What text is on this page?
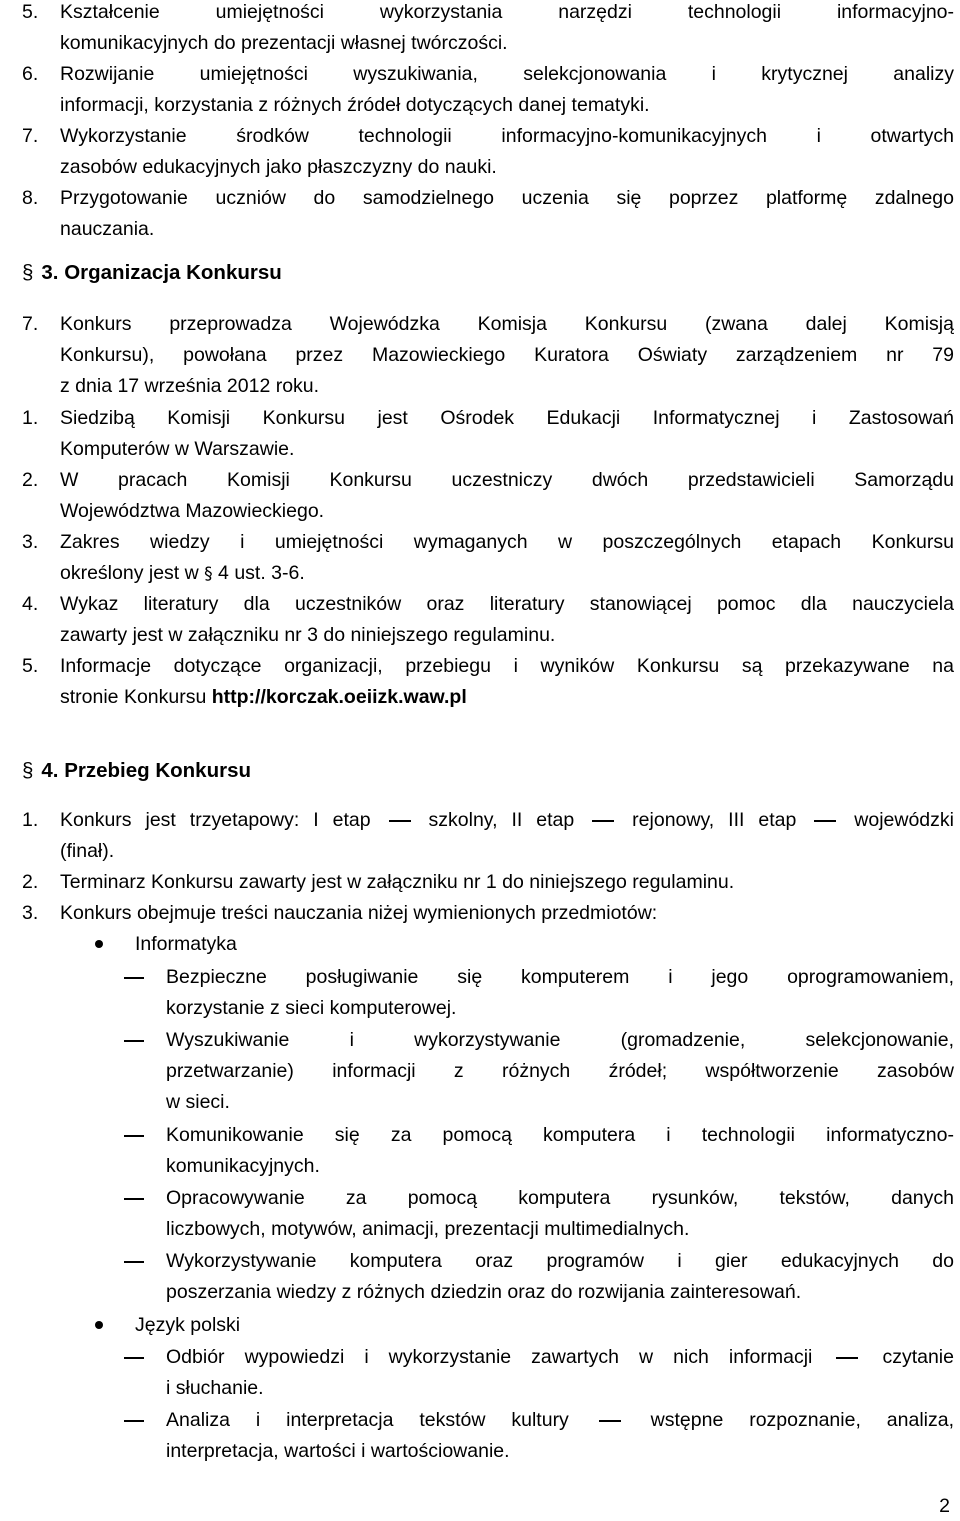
5. Kształcenie umiejętności wykorzystania narzędzi technologii informacyjno-
komunikacyjnych do prezentacji własnej twórczości.
6. Rozwijanie umiejętności wyszukiwania, selekcjonowania i krytycznej analizy
informacji, korzystania z różnych źródeł dotyczących danej tematyki.
7. Wykorzystanie środków technologii informacyjno-komunikacyjnych i otwartych
zasobów edukacyjnych jako płaszczyzny do nauki.
8. Przygotowanie uczniów do samodzielnego uczenia się poprzez platformę zdalnego
nauczania.
§ 3. Organizacja Konkursu
7. Konkurs przeprowadza Wojewódzka Komisja Konkursu (zwana dalej Komisją
Konkursu), powołana przez Mazowieckiego Kuratora Oświaty zarządzeniem nr 79
z dnia 17 września 2012 roku.
1. Siedzibą Komisji Konkursu jest Ośrodek Edukacji Informatycznej i Zastosowań
Komputerów w Warszawie.
2. W pracach Komisji Konkursu uczestniczy dwóch przedstawicieli Samorządu
Województwa Mazowieckiego.
3. Zakres wiedzy i umiejętności wymaganych w poszczególnych etapach Konkursu
określony jest w § 4 ust. 3-6.
4. Wykaz literatury dla uczestników oraz literatury stanowiącej pomoc dla nauczyciela
zawarty jest w załączniku nr 3 do niniejszego regulaminu.
5. Informacje dotyczące organizacji, przebiegu i wyników Konkursu są przekazywane na
stronie Konkursu http://korczak.oeiizk.waw.pl
§ 4. Przebieg Konkursu
1. Konkurs jest trzyetapowy: I etap	szkolny, II etap	rejonowy, III etap	wojewódzki
(finał).
2. Terminarz Konkursu zawarty jest w załączniku nr 1 do niniejszego regulaminu.
3. Konkurs obejmuje treści nauczania niżej wymienionych przedmiotów:
Informatyka
Bezpieczne posługiwanie się komputerem i jego oprogramowaniem,
korzystanie z sieci komputerowej.
Wyszukiwanie i wykorzystywanie (gromadzenie, selekcjonowanie,
przetwarzanie) informacji z różnych źródeł; współtworzenie zasobów
w sieci.
Komunikowanie się za pomocą komputera i technologii informatyczno-
komunikacyjnych.
Opracowywanie za pomocą komputera rysunków, tekstów, danych
liczbowych, motywów, animacji, prezentacji multimedialnych.
Wykorzystywanie komputera oraz programów i gier edukacyjnych do
poszerzania wiedzy z różnych dziedzin oraz do rozwijania zainteresowań.
Język polski
Odbiór wypowiedzi i wykorzystanie zawartych w nich informacji	czytanie
i słuchanie.
Analiza i interpretacja tekstów kultury	wstępne rozpoznanie, analiza,
interpretacja, wartości i wartościowanie.
2
